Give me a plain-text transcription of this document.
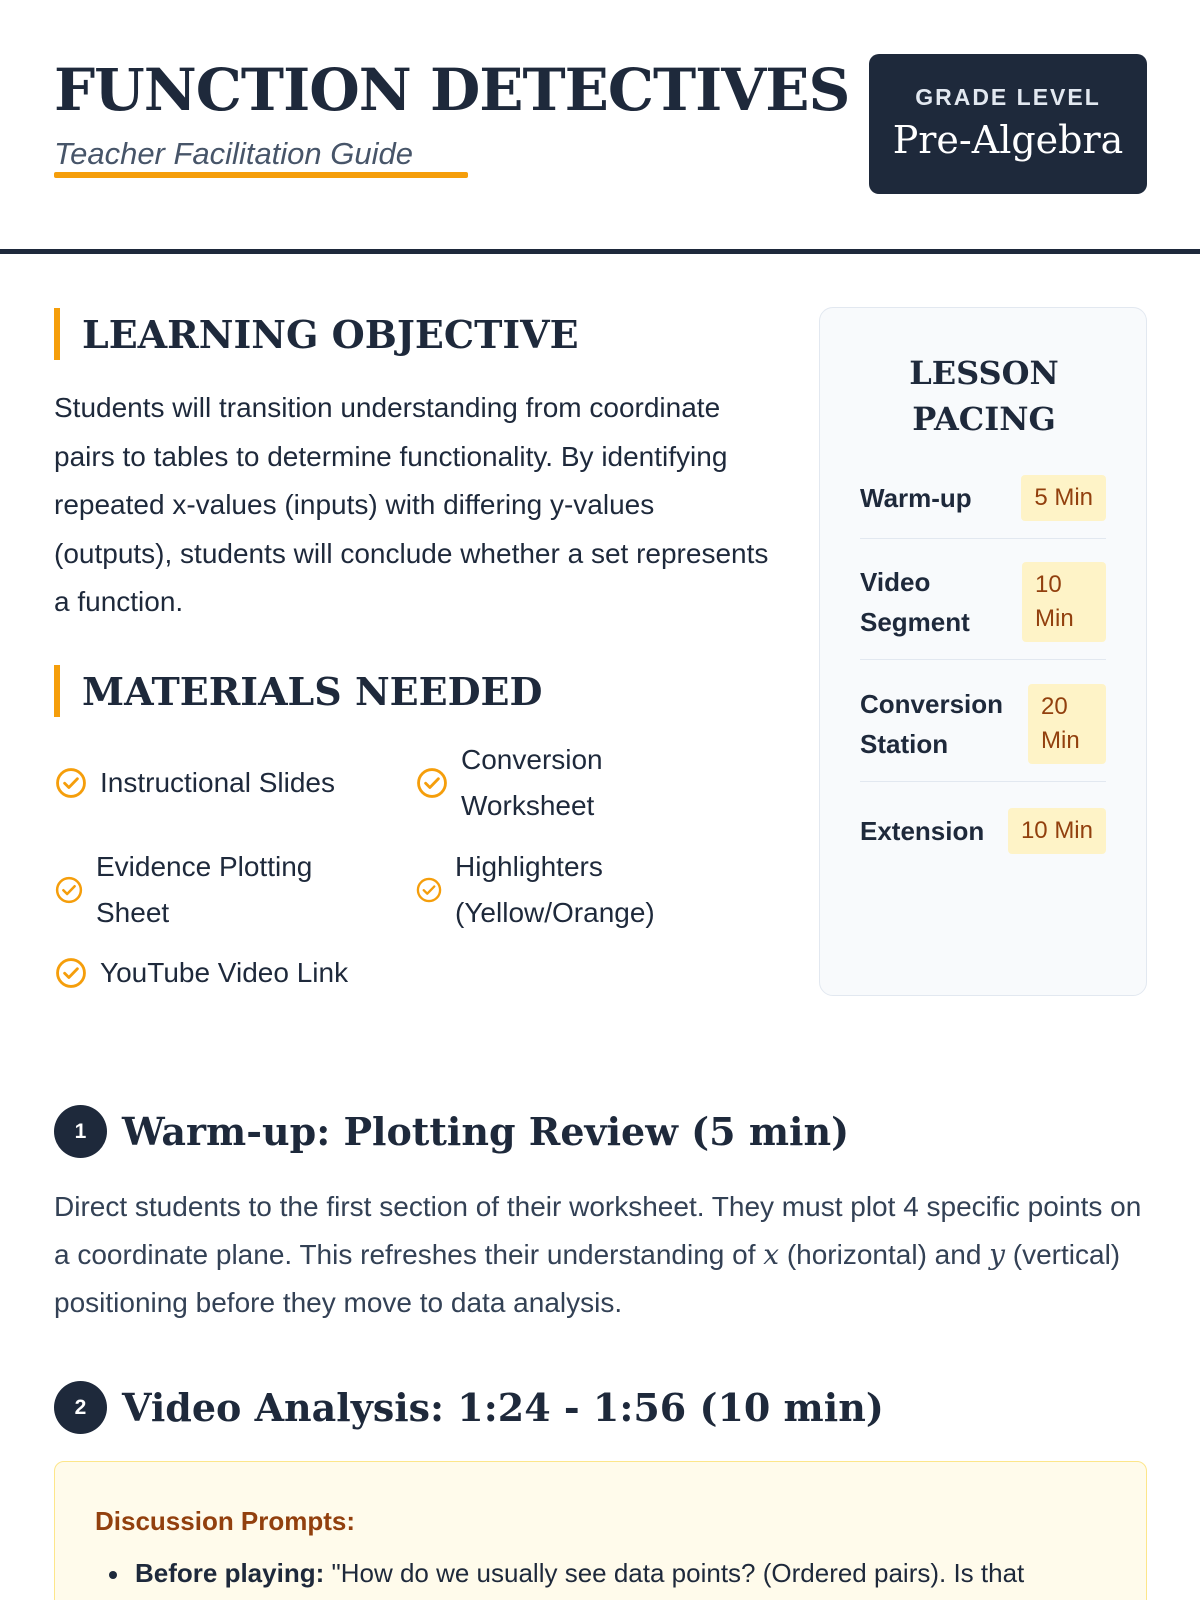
FUNCTION DETECTIVES
Teacher Facilitation Guide
GRADE LEVEL
Pre-Algebra
LEARNING OBJECTIVE
Students will transition understanding from coordinate pairs to tables to determine functionality. By identifying repeated x-values (inputs) with differing y-values (outputs), students will conclude whether a set represents a function.
MATERIALS NEEDED
Instructional Slides
Conversion Worksheet
Evidence Plotting Sheet
Highlighters (Yellow/Orange)
YouTube Video Link
LESSON PACING
Warm-up	5 Min
Video Segment
10 Min
Conversion Station
20 Min
Extension	10 Min
1 Warm-up: Plotting Review (5 min)
Direct students to the first section of their worksheet. They must plot 4 specific points on a coordinate plane. This refreshes their understanding of x (horizontal) and y (vertical) positioning before they move to data analysis.
2 Video Analysis: 1:24 - 1:56 (10 min)
Discussion Prompts:
Before playing: "How do we usually see data points? (Ordered pairs). Is that
